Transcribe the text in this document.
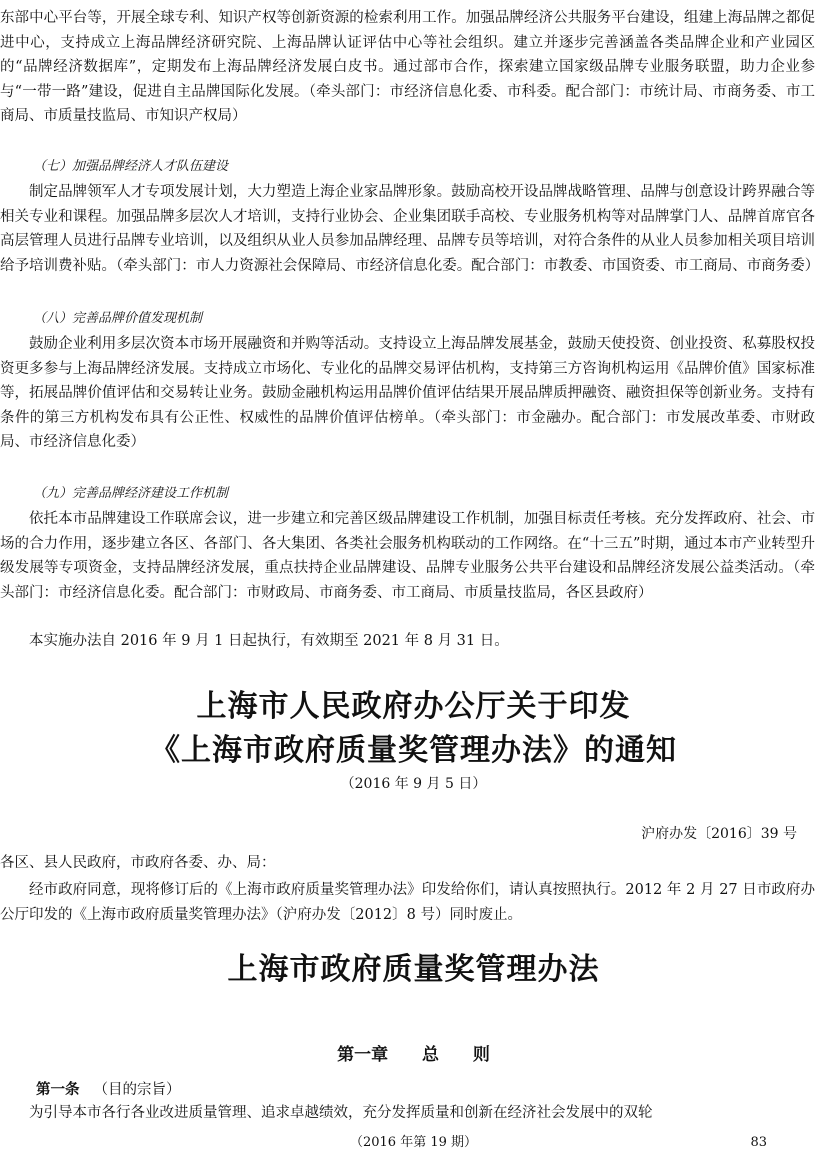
东部中心平台等，开展全球专利、知识产权等创新资源的检索利用工作。加强品牌经济公共服务平台建设，组建上海品牌之都促进中心，支持成立上海品牌经济研究院、上海品牌认证评估中心等社会组织。建立并逐步完善涵盖各类品牌企业和产业园区的“品牌经济数据库”，定期发布上海品牌经济发展白皮书。通过部市合作，探索建立国家级品牌专业服务联盟，助力企业参与“一带一路”建设，促进自主品牌国际化发展。（牵头部门：市经济信息化委、市科委。配合部门：市统计局、市商务委、市工商局、市质量技监局、市知识产权局）

（七）加强品牌经济人才队伍建设

制定品牌领军人才专项发展计划，大力塑造上海企业家品牌形象。鼓励高校开设品牌战略管理、品牌与创意设计跨界融合等相关专业和课程。加强品牌多层次人才培训，支持行业协会、企业集团联手高校、专业服务机构等对品牌掌门人、品牌首席官各高层管理人员进行品牌专业培训，以及组织从业人员参加品牌经理、品牌专员等培训，对符合条件的从业人员参加相关项目培训给予培训费补贴。（牵头部门：市人力资源社会保障局、市经济信息化委。配合部门：市教委、市国资委、市工商局、市商务委）

（八）完善品牌价值发现机制

鼓励企业利用多层次资本市场开展融资和并购等活动。支持设立上海品牌发展基金，鼓励天使投资、创业投资、私募股权投资更多参与上海品牌经济发展。支持成立市场化、专业化的品牌交易评估机构，支持第三方咨询机构运用《品牌价值》国家标准等，拓展品牌价值评估和交易转让业务。鼓励金融机构运用品牌价值评估结果开展品牌质押融资、融资担保等创新业务。支持有条件的第三方机构发布具有公正性、权威性的品牌价值评估榜单。（牵头部门：市金融办。配合部门：市发展改革委、市财政局、市经济信息化委）

（九）完善品牌经济建设工作机制

依托本市品牌建设工作联席会议，进一步建立和完善区级品牌建设工作机制，加强目标责任考核。充分发挥政府、社会、市场的合力作用，逐步建立各区、各部门、各大集团、各类社会服务机构联动的工作网络。在“十三五”时期，通过本市产业转型升级发展等专项资金，支持品牌经济发展，重点扶持企业品牌建设、品牌专业服务公共平台建设和品牌经济发展公益类活动。（牵头部门：市经济信息化委。配合部门：市财政局、市商务委、市工商局、市质量技监局，各区县政府）

本实施办法自 2016 年 9 月 1 日起执行，有效期至 2021 年 8 月 31 日。

上海市人民政府办公厅关于印发
《上海市政府质量奖管理办法》的通知
（2016 年 9 月 5 日）
沪府办发〔2016〕39 号

各区、县人民政府，市政府各委、办、局：

经市政府同意，现将修订后的《上海市政府质量奖管理办法》印发给你们，请认真按照执行。2012 年 2 月 27 日市政府办公厅印发的《上海市政府质量奖管理办法》（沪府办发〔2012〕8 号）同时废止。

上海市政府质量奖管理办法
第一章 总 则
第一条 （目的宗旨）

为引导本市各行各业改进质量管理、追求卓越绩效，充分发挥质量和创新在经济社会发展中的双轮

（2016 年第 19 期）	83
